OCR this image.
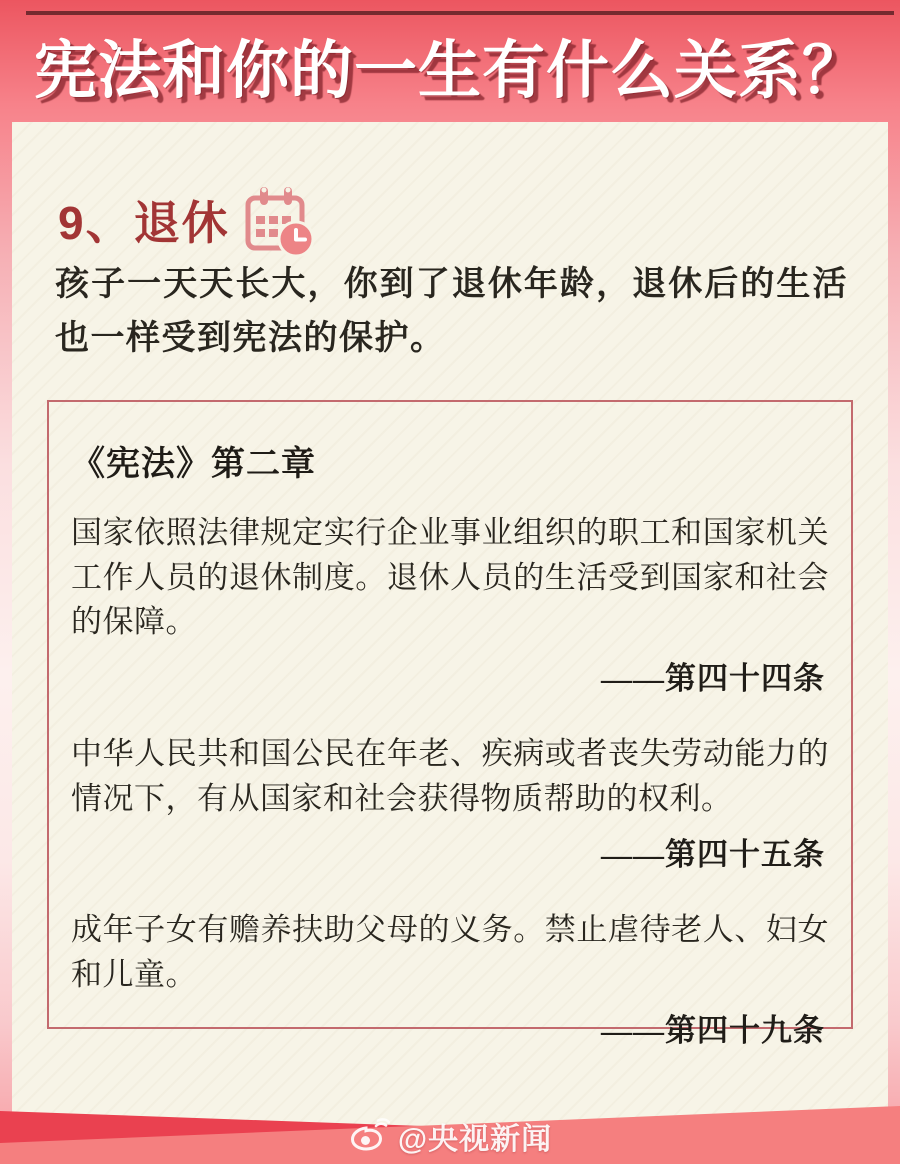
宪法和你的一生有什么关系？
9、退休

孩子一天天长大，你到了退休年龄，退休后的生活也一样受到宪法的保护。

《宪法》第二章

国家依照法律规定实行企业事业组织的职工和国家机关工作人员的退休制度。退休人员的生活受到国家和社会的保障。

——第四十四条

中华人民共和国公民在年老、疾病或者丧失劳动能力的情况下，有从国家和社会获得物质帮助的权利。

——第四十五条

成年子女有赡养扶助父母的义务。禁止虐待老人、妇女和儿童。

——第四十九条
@央视新闻
